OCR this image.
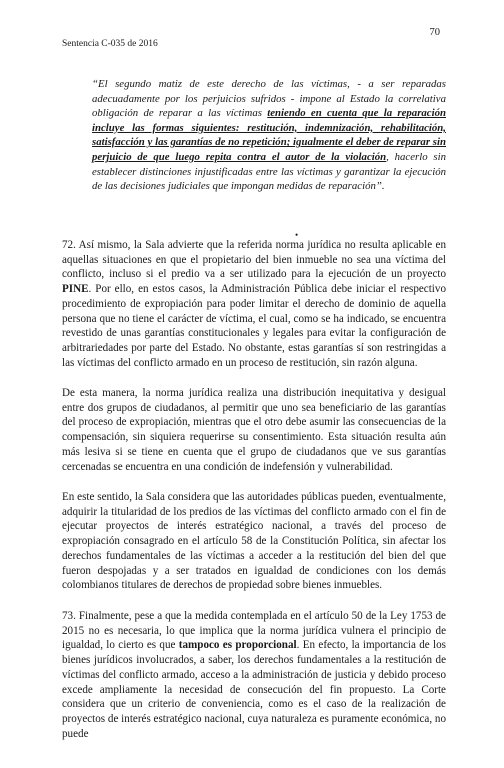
Sentencia C-035 de 2016
70
“El segundo matiz de este derecho de las víctimas, - a ser reparadas adecuadamente por los perjuicios sufridos - impone al Estado la correlativa obligación de reparar a las víctimas teniendo en cuenta que la reparación incluye las formas siguientes: restitución, indemnización, rehabilitación, satisfacción y las garantías de no repetición; igualmente el deber de reparar sin perjuicio de que luego repita contra el autor de la violación, hacerlo sin establecer distinciones injustificadas entre las víctimas y garantizar la ejecución de las decisiones judiciales que impongan medidas de reparación”.
•

72. Así mismo, la Sala advierte que la referida norma jurídica no resulta aplicable en aquellas situaciones en que el propietario del bien inmueble no sea una víctima del conflicto, incluso si el predio va a ser utilizado para la ejecución de un proyecto PINE. Por ello, en estos casos, la Administración Pública debe iniciar el respectivo procedimiento de expropiación para poder limitar el derecho de dominio de aquella persona que no tiene el carácter de víctima, el cual, como se ha indicado, se encuentra revestido de unas garantías constitucionales y legales para evitar la configuración de arbitrariedades por parte del Estado. No obstante, estas garantías sí son restringidas a las víctimas del conflicto armado en un proceso de restitución, sin razón alguna.

De esta manera, la norma jurídica realiza una distribución inequitativa y desigual entre dos grupos de ciudadanos, al permitir que uno sea beneficiario de las garantías del proceso de expropiación, mientras que el otro debe asumir las consecuencias de la compensación, sin siquiera requerirse su consentimiento. Esta situación resulta aún más lesiva si se tiene en cuenta que el grupo de ciudadanos que ve sus garantías cercenadas se encuentra en una condición de indefensión y vulnerabilidad.

En este sentido, la Sala considera que las autoridades públicas pueden, eventualmente, adquirir la titularidad de los predios de las víctimas del conflicto armado con el fin de ejecutar proyectos de interés estratégico nacional, a través del proceso de expropiación consagrado en el artículo 58 de la Constitución Política, sin afectar los derechos fundamentales de las víctimas a acceder a la restitución del bien del que fueron despojadas y a ser tratados en igualdad de condiciones con los demás colombianos titulares de derechos de propiedad sobre bienes inmuebles.

73. Finalmente, pese a que la medida contemplada en el artículo 50 de la Ley 1753 de 2015 no es necesaria, lo que implica que la norma jurídica vulnera el principio de igualdad, lo cierto es que tampoco es proporcional. En efecto, la importancia de los bienes jurídicos involucrados, a saber, los derechos fundamentales a la restitución de víctimas del conflicto armado, acceso a la administración de justicia y debido proceso excede ampliamente la necesidad de consecución del fin propuesto. La Corte considera que un criterio de conveniencia, como es el caso de la realización de proyectos de interés estratégico nacional, cuya naturaleza es puramente económica, no puede
